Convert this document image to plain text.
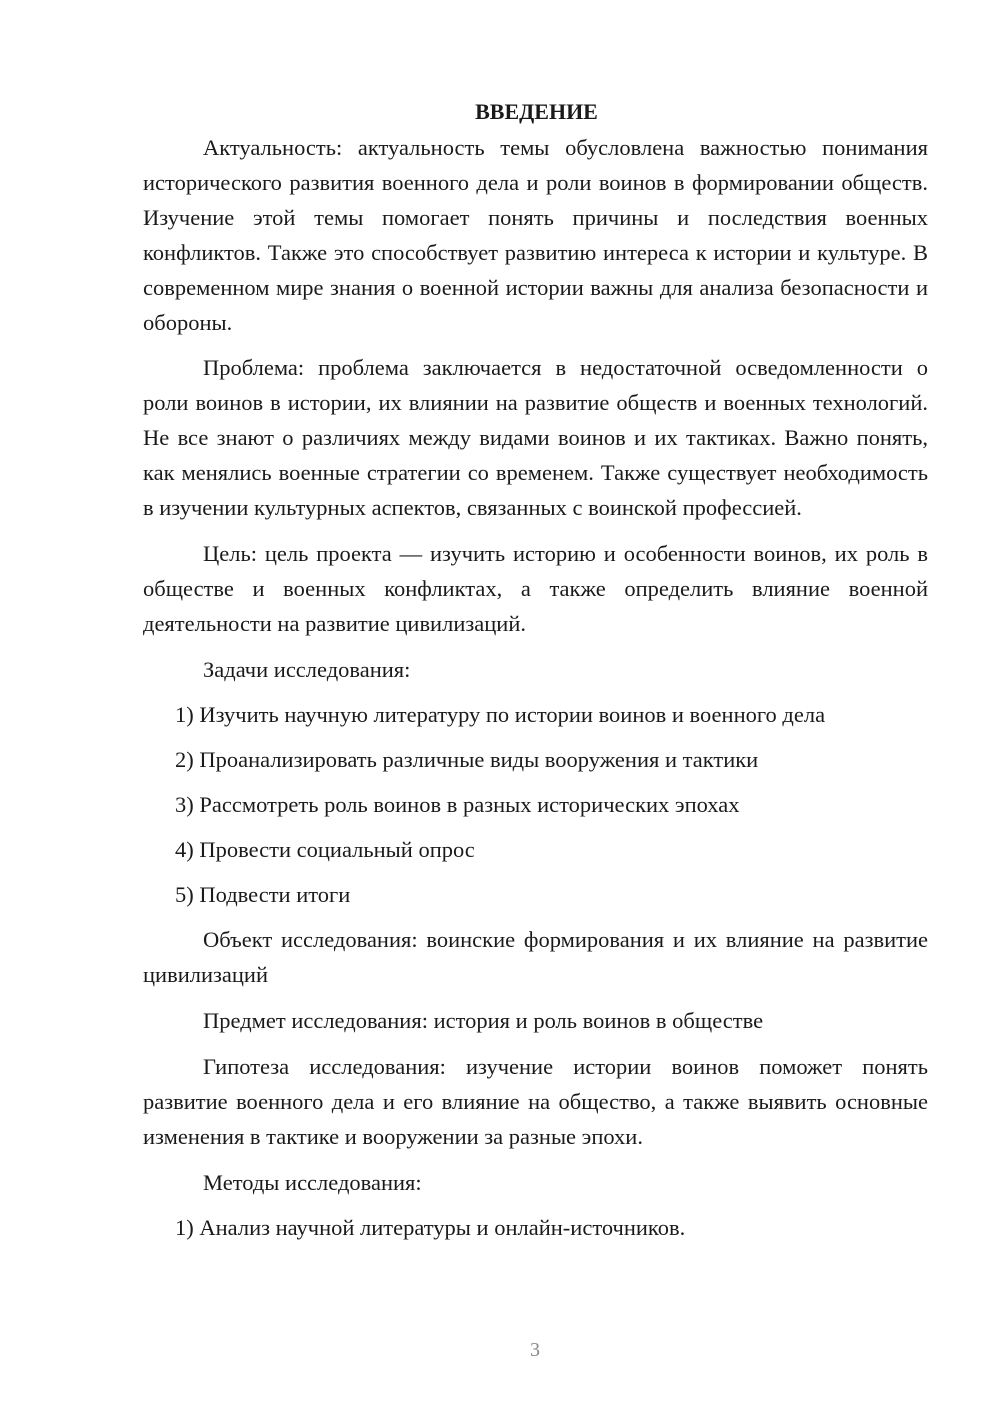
ВВЕДЕНИЕ

Актуальность: актуальность темы обусловлена важностью понимания исторического развития военного дела и роли воинов в формировании обществ. Изучение этой темы помогает понять причины и последствия военных конфликтов. Также это способствует развитию интереса к истории и культуре. В современном мире знания о военной истории важны для анализа безопасности и обороны.

Проблема: проблема заключается в недостаточной осведомленности о роли воинов в истории, их влиянии на развитие обществ и военных технологий. Не все знают о различиях между видами воинов и их тактиках. Важно понять, как менялись военные стратегии со временем. Также существует необходимость в изучении культурных аспектов, связанных с воинской профессией.

Цель: цель проекта — изучить историю и особенности воинов, их роль в обществе и военных конфликтах, а также определить влияние военной деятельности на развитие цивилизаций.

Задачи исследования:

1) Изучить научную литературу по истории воинов и военного дела
2) Проанализировать различные виды вооружения и тактики
3) Рассмотреть роль воинов в разных исторических эпохах
4) Провести социальный опрос
5) Подвести итоги

Объект исследования: воинские формирования и их влияние на развитие цивилизаций

Предмет исследования: история и роль воинов в обществе

Гипотеза исследования: изучение истории воинов поможет понять развитие военного дела и его влияние на общество, а также выявить основные изменения в тактике и вооружении за разные эпохи.

Методы исследования:

1) Анализ научной литературы и онлайн-источников.
3
